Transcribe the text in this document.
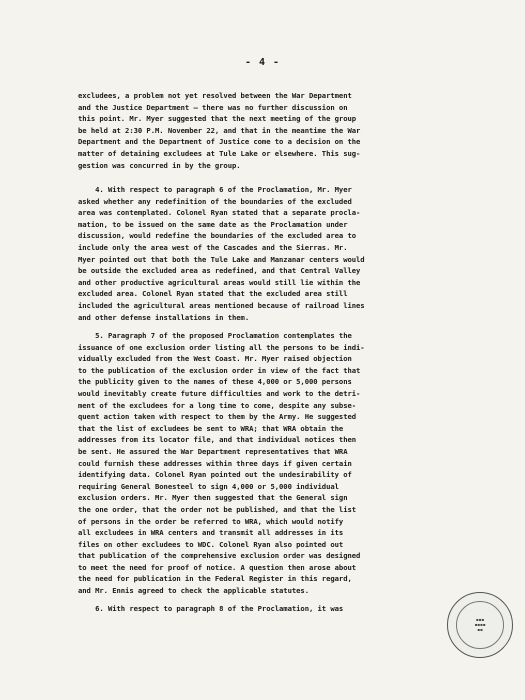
- 4 -
excludees, a problem not yet resolved between the War Department
and the Justice Department — there was no further discussion on
this point. Mr. Myer suggested that the next meeting of the group
be held at 2:30 P.M. November 22, and that in the meantime the War
Department and the Department of Justice come to a decision on the
matter of detaining excludees at Tule Lake or elsewhere. This sug-
gestion was concurred in by the group.
4. With respect to paragraph 6 of the Proclamation, Mr. Myer
asked whether any redefinition of the boundaries of the excluded
area was contemplated. Colonel Ryan stated that a separate procla-
mation, to be issued on the same date as the Proclamation under
discussion, would redefine the boundaries of the excluded area to
include only the area west of the Cascades and the Sierras. Mr.
Myer pointed out that both the Tule Lake and Manzanar centers would
be outside the excluded area as redefined, and that Central Valley
and other productive agricultural areas would still lie within the
excluded area. Colonel Ryan stated that the excluded area still
included the agricultural areas mentioned because of railroad lines
and other defense installations in them.
5. Paragraph 7 of the proposed Proclamation contemplates the
issuance of one exclusion order listing all the persons to be indi-
vidually excluded from the West Coast. Mr. Myer raised objection
to the publication of the exclusion order in view of the fact that
the publicity given to the names of these 4,000 or 5,000 persons
would inevitably create future difficulties and work to the detri-
ment of the excludees for a long time to come, despite any subse-
quent action taken with respect to them by the Army. He suggested
that the list of excludees be sent to WRA; that WRA obtain the
addresses from its locator file, and that individual notices then
be sent. He assured the War Department representatives that WRA
could furnish these addresses within three days if given certain
identifying data. Colonel Ryan pointed out the undesirability of
requiring General Bonesteel to sign 4,000 or 5,000 individual
exclusion orders. Mr. Myer then suggested that the General sign
the one order, that the order not be published, and that the list
of persons in the order be referred to WRA, which would notify
all excludees in WRA centers and transmit all addresses in its
files on other excludees to WDC. Colonel Ryan also pointed out
that publication of the comprehensive exclusion order was designed
to meet the need for proof of notice. A question then arose about
the need for publication in the Federal Register in this regard,
and Mr. Ennis agreed to check the applicable statutes.
6. With respect to paragraph 8 of the Proclamation, it was
▪▪▪
▪▪▪▪
▪▪
